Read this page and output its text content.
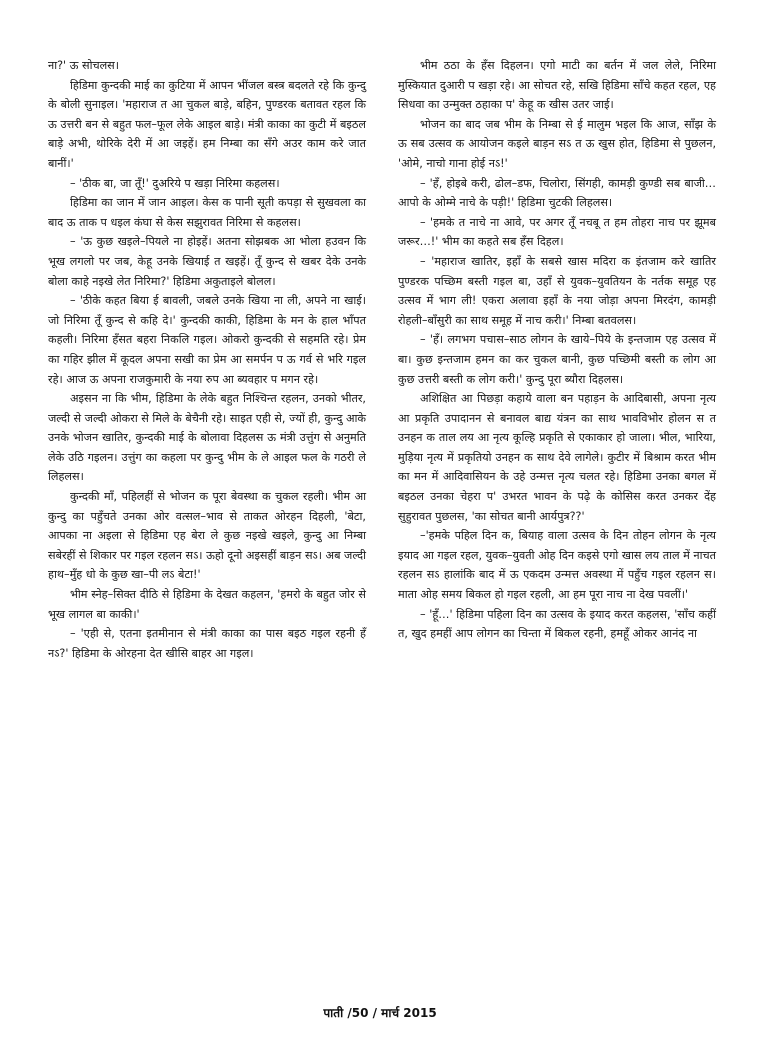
ना?' ऊ सोचलस।

हिडिमा कुन्दकी माई का कुटिया में आपन भींजल बस्त्र बदलते रहे कि कुन्दु के बोली सुनाइल। 'महाराज त आ चुकल बाड़े, बहिन, पुण्डरक बतावत रहल कि ऊ उत्तरी बन से बहुत फल–फूल लेके आइल बाड़े। मंत्री काका का कुटी में बइठल बाड़े अभी, थोरिके देरी में आ जइहें। हम निम्बा का सँगे अउर काम करे जात बानीं।'

– 'ठीक बा, जा तूँ!' दुअरिये प खड़ा निरिमा कहलस।

हिडिमा का जान में जान आइल। केस क पानी सूती कपड़ा से सुखवला का बाद ऊ ताक प धइल कंघा से केस सझुरावत निरिमा से कहलस।

– 'ऊ कुछ खइले–पियले ना होइहें। अतना सोझबक आ भोला हउवन कि भूख लगलो पर जब, केहू उनके खियाई त खइहें। तूँ कुन्द से खबर देके उनके बोला काहे नइखे लेत निरिमा?' हिडिमा अकुताइले बोलल।

– 'ठीके कहत बिया ई बावली, जबले उनके खिया ना ली, अपने ना खाई। जो निरिमा तूँ कुन्द से कहि दे।' कुन्दकी काकी, हिडिमा के मन के हाल भाँपत कहली। निरिमा हँसत बहरा निकलि गइल। ओकरो कुन्दकी से सहमति रहे। प्रेम का गहिर झील में कूदल अपना सखी का प्रेम आ समर्पन प ऊ गर्व से भरि गइल रहे। आज ऊ अपना राजकुमारी के नया रुप आ ब्यवहार प मगन रहे।

अइसन ना कि भीम, हिडिमा के लेके बहुत निश्चिन्त रहलन, उनको भीतर, जल्दी से जल्दी ओकरा से मिले के बेचैनी रहे। साइत एही से, ज्यों ही, कुन्दु आके उनके भोजन खातिर, कुन्दकी माई के बोलावा दिहलस ऊ मंत्री उत्तुंग से अनुमति लेके उठि गइलन। उत्तुंग का कहला पर कुन्दु भीम के ले आइल फल के गठरी ले लिहलस।

कुन्दकी माँ, पहिलहीं से भोजन क पूरा बेवस्था क चुकल रहली। भीम आ कुन्दु का पहुँचते उनका ओर वत्सल–भाव से ताकत ओरहन दिहली, 'बेटा, आपका ना अइला से हिडिमा एह बेरा ले कुछ नइखे खइले, कुन्दु आ निम्बा सबेरहीं से शिकार पर गइल रहलन सऽ। ऊहो दूनो अइसहीं बाड़न सऽ। अब जल्दी हाथ–मुँह धो के कुछ खा–पी लऽ बेटा!'

भीम स्नेह–सिक्त दीठि से हिडिमा के देखत कहलन, 'हमरो के बहुत जोर से भूख लागल बा काकी।'

– 'एही से, एतना इतमीनान से मंत्री काका का पास बइठ गइल रहनी हँ नऽ?' हिडिमा के ओरहना देत खीसि बाहर आ गइल।

भीम ठठा के हँस दिहलन। एगो माटी का बर्तन में जल लेले, निरिमा मुस्कियात दुआरी प खड़ा रहे। आ सोचत रहे, सखि हिडिमा साँचे कहत रहल, एह सिधवा का उन्मुक्त ठहाका प' केहू क खीस उतर जाई।

भोजन का बाद जब भीम के निम्बा से ई मालुम भइल कि आज, साँझ के ऊ सब उत्सव क आयोजन कइले बाड़न सऽ त ऊ खुस होत, हिडिमा से पुछलन, 'ओमे, नाचो गाना होई नऽ!'

– 'हँ, होइबे करी, ढोल–डफ, चिलोरा, सिंगही, कामड़ी कुण्डी सब बाजी… आपो के ओम्मे नाचे के पड़ी!' हिडिमा चुटकी लिहलस।

– 'हमके त नाचे ना आवे, पर अगर तूँ नचबू त हम तोहरा नाच पर झूमब जरूर…!' भीम का कहते सब हँस दिहल।

– 'महाराज खातिर, इहाँ के सबसे खास मदिरा क इंतजाम करे खातिर पुण्डरक पच्छिम बस्ती गइल बा, उहाँ से युवक–युवतियन के नर्तक समूह एह उत्सव में भाग ली! एकरा अलावा इहाँ के नया जोड़ा अपना मिरदंग, कामड़ी रोहली–बाँसुरी का साथ समूह में नाच करी।' निम्बा बतवलस।

– 'हँ। लगभग पचास–साठ लोगन के खाये–पिये के इन्तजाम एह उत्सव में बा। कुछ इन्तजाम हमन का कर चुकल बानी, कुछ पच्छिमी बस्ती क लोग आ कुछ उत्तरी बस्ती क लोग करी।' कुन्दु पूरा ब्यौरा दिहलस।

अशिक्षित आ पिछड़ा कहाये वाला बन पहाड़न के आदिबासी, अपना नृत्य आ प्रकृति उपादानन से बनावल बाद्य यंत्रन का साथ भावविभोर होलन स त उनहन क ताल लय आ नृत्य कूल्हि प्रकृति से एकाकार हो जाला। भील, भारिया, मुड़िया नृत्य में प्रकृतियो उनहन क साथ देवे लागेले। कुटीर में बिश्राम करत भीम का मन में आदिवासियन के उहे उन्मत्त नृत्य चलत रहे। हिडिमा उनका बगल में बइठल उनका चेहरा प' उभरत भावन के पढ़े के कोसिस करत उनकर देंह सुहुरावत पुछलस, 'का सोचत बानी आर्यपुत्र??'

–'हमके पहिल दिन क, बियाह वाला उत्सव के दिन तोहन लोगन के नृत्य इयाद आ गइल रहल, युवक–युवती ओह दिन कइसे एगो खास लय ताल में नाचत रहलन सऽ हालांकि बाद में ऊ एकदम उन्मत्त अवस्था में पहुँच गइल रहलन स। माता ओह समय बिकल हो गइल रहली, आ हम पूरा नाच ना देख पवलीं।'

– 'हूँ…' हिडिमा पहिला दिन का उत्सव के इयाद करत कहलस, 'साँच कहीं त, खुद हमहीं आप लोगन का चिन्ता में बिकल रहनी, हमहूँ ओकर आनंद ना

पाती /50 / मार्च 2015
